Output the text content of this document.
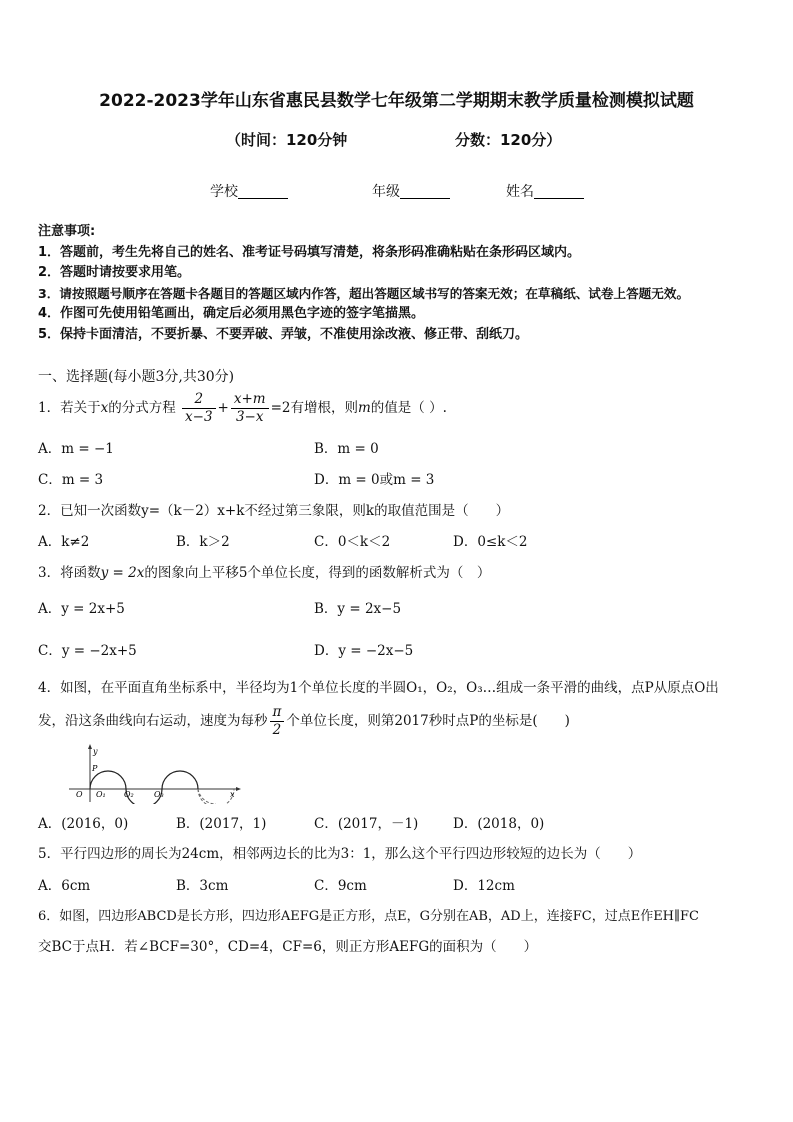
2022-2023学年山东省惠民县数学七年级第二学期期末教学质量检测模拟试题
（时间：120分钟	分数：120分）
学校	年级	姓名
注意事项:
1．答题前，考生先将自己的姓名、准考证号码填写清楚，将条形码准确粘贴在条形码区域内。
2．答题时请按要求用笔。
3．请按照题号顺序在答题卡各题目的答题区域内作答，超出答题区域书写的答案无效；在草稿纸、试卷上答题无效。
4．作图可先使用铅笔画出，确定后必须用黑色字迹的签字笔描黑。
5．保持卡面清洁，不要折暴、不要弄破、弄皱，不准使用涂改液、修正带、刮纸刀。
一、选择题(每小题3分,共30分)
1．若关于x的分式方程 $\frac{2}{x-3} + \frac{x+m}{3-x} =2$有增根，则m的值是（ ）.
A．m = −1	B．m = 0
C．m = 3	D．m = 0或m = 3
2．已知一次函数y=（k－2）x+k不经过第三象限，则k的取值范围是（　　）
A．k≠2	B．k＞2	C．0＜k＜2	D．0≤k＜2
3．将函数y = 2x的图象向上平移5个单位长度，得到的函数解析式为（　）
A．y = 2x+5	B．y = 2x−5
C．y = −2x+5	D．y = −2x−5
4．如图，在平面直角坐标系中，半径均为1个单位长度的半圆O₁，O₂，O₃…组成一条平滑的曲线，点P从原点O出
发，沿这条曲线向右运动，速度为每秒 $\frac{\pi}{2}$ 个单位长度，则第2017秒时点P的坐标是(　　)
y
P
O O₁ O₂	O₃	x
A．(2016，0)	B．(2017，1)	C．(2017，－1)	D．(2018，0)
5．平行四边形的周长为24cm，相邻两边长的比为3：1，那么这个平行四边形较短的边长为（　　）
A．6cm	B．3cm	C．9cm	D．12cm
6．如图，四边形ABCD是长方形，四边形AEFG是正方形，点E，G分别在AB，AD上，连接FC，过点E作EH∥FC
交BC于点H．若∠BCF=30°，CD=4，CF=6，则正方形AEFG的面积为（　　）
